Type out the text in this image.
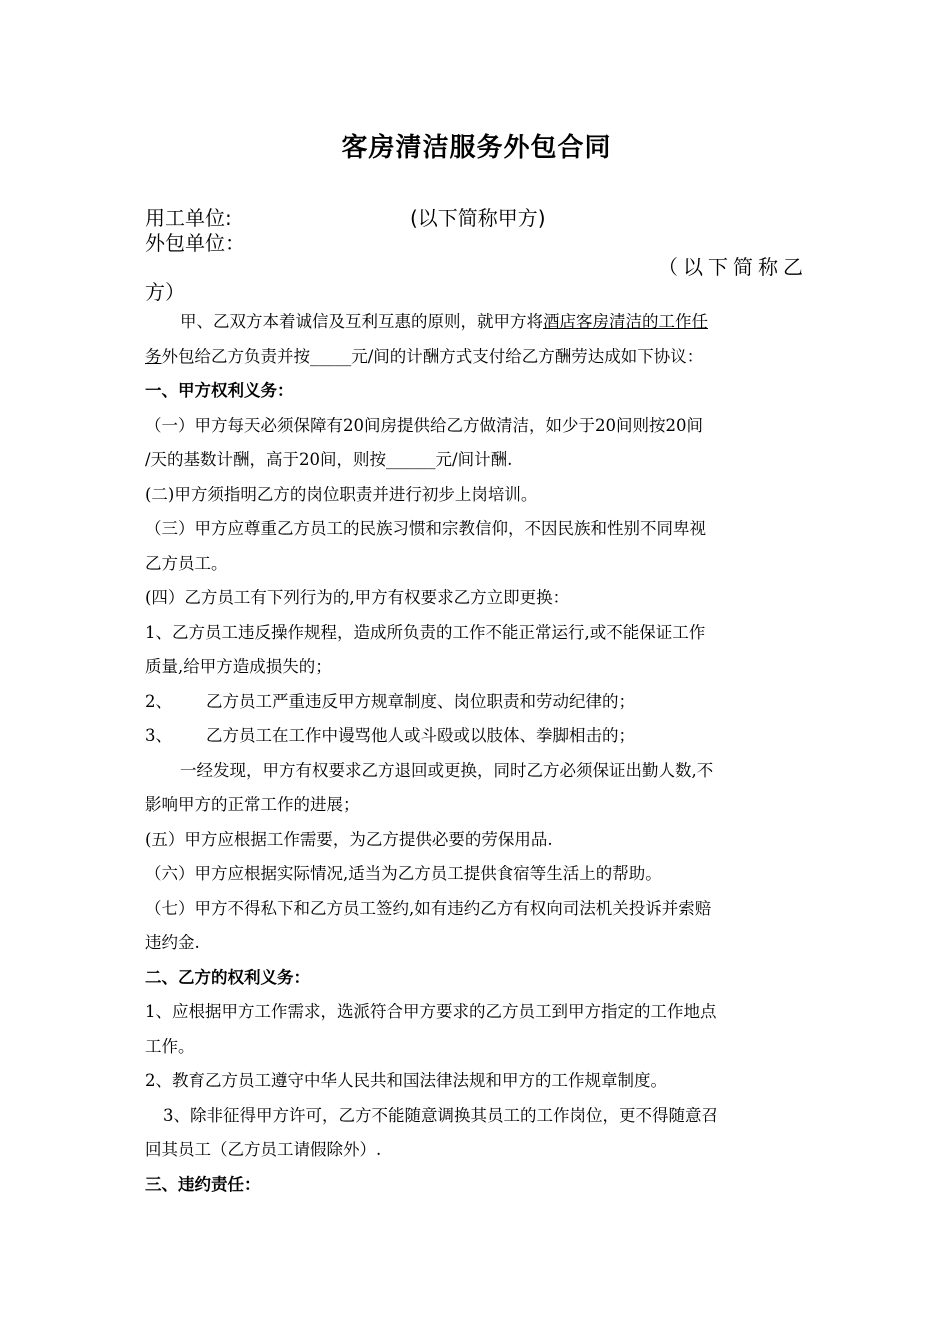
客房清洁服务外包合同
用工单位:	(以下简称甲方)
外包单位：
（以下简称乙
方）

甲、乙双方本着诚信及互利互惠的原则，就甲方将酒店客房清洁的工作任

务外包给乙方负责并按_____元/间的计酬方式支付给乙方酬劳达成如下协议：

一、甲方权利义务：

（一）甲方每天必须保障有20间房提供给乙方做清洁，如少于20间则按20间

/天的基数计酬，高于20间，则按______元/间计酬.

(二)甲方须指明乙方的岗位职责并进行初步上岗培训。

（三）甲方应尊重乙方员工的民族习惯和宗教信仰，不因民族和性别不同卑视

乙方员工。

(四）乙方员工有下列行为的,甲方有权要求乙方立即更换：

1、乙方员工违反操作规程，造成所负责的工作不能正常运行,或不能保证工作

质量,给甲方造成损失的；

2、 乙方员工严重违反甲方规章制度、岗位职责和劳动纪律的；

3、 乙方员工在工作中谩骂他人或斗殴或以肢体、拳脚相击的；

一经发现，甲方有权要求乙方退回或更换，同时乙方必须保证出勤人数,不

影响甲方的正常工作的进展；

(五）甲方应根据工作需要，为乙方提供必要的劳保用品.

（六）甲方应根据实际情况,适当为乙方员工提供食宿等生活上的帮助。

（七）甲方不得私下和乙方员工签约,如有违约乙方有权向司法机关投诉并索赔

违约金.

二、乙方的权利义务：

1、应根据甲方工作需求，选派符合甲方要求的乙方员工到甲方指定的工作地点

工作。

2、教育乙方员工遵守中华人民共和国法律法规和甲方的工作规章制度。

3、除非征得甲方许可，乙方不能随意调换其员工的工作岗位，更不得随意召

回其员工（乙方员工请假除外）.

三、违约责任：
